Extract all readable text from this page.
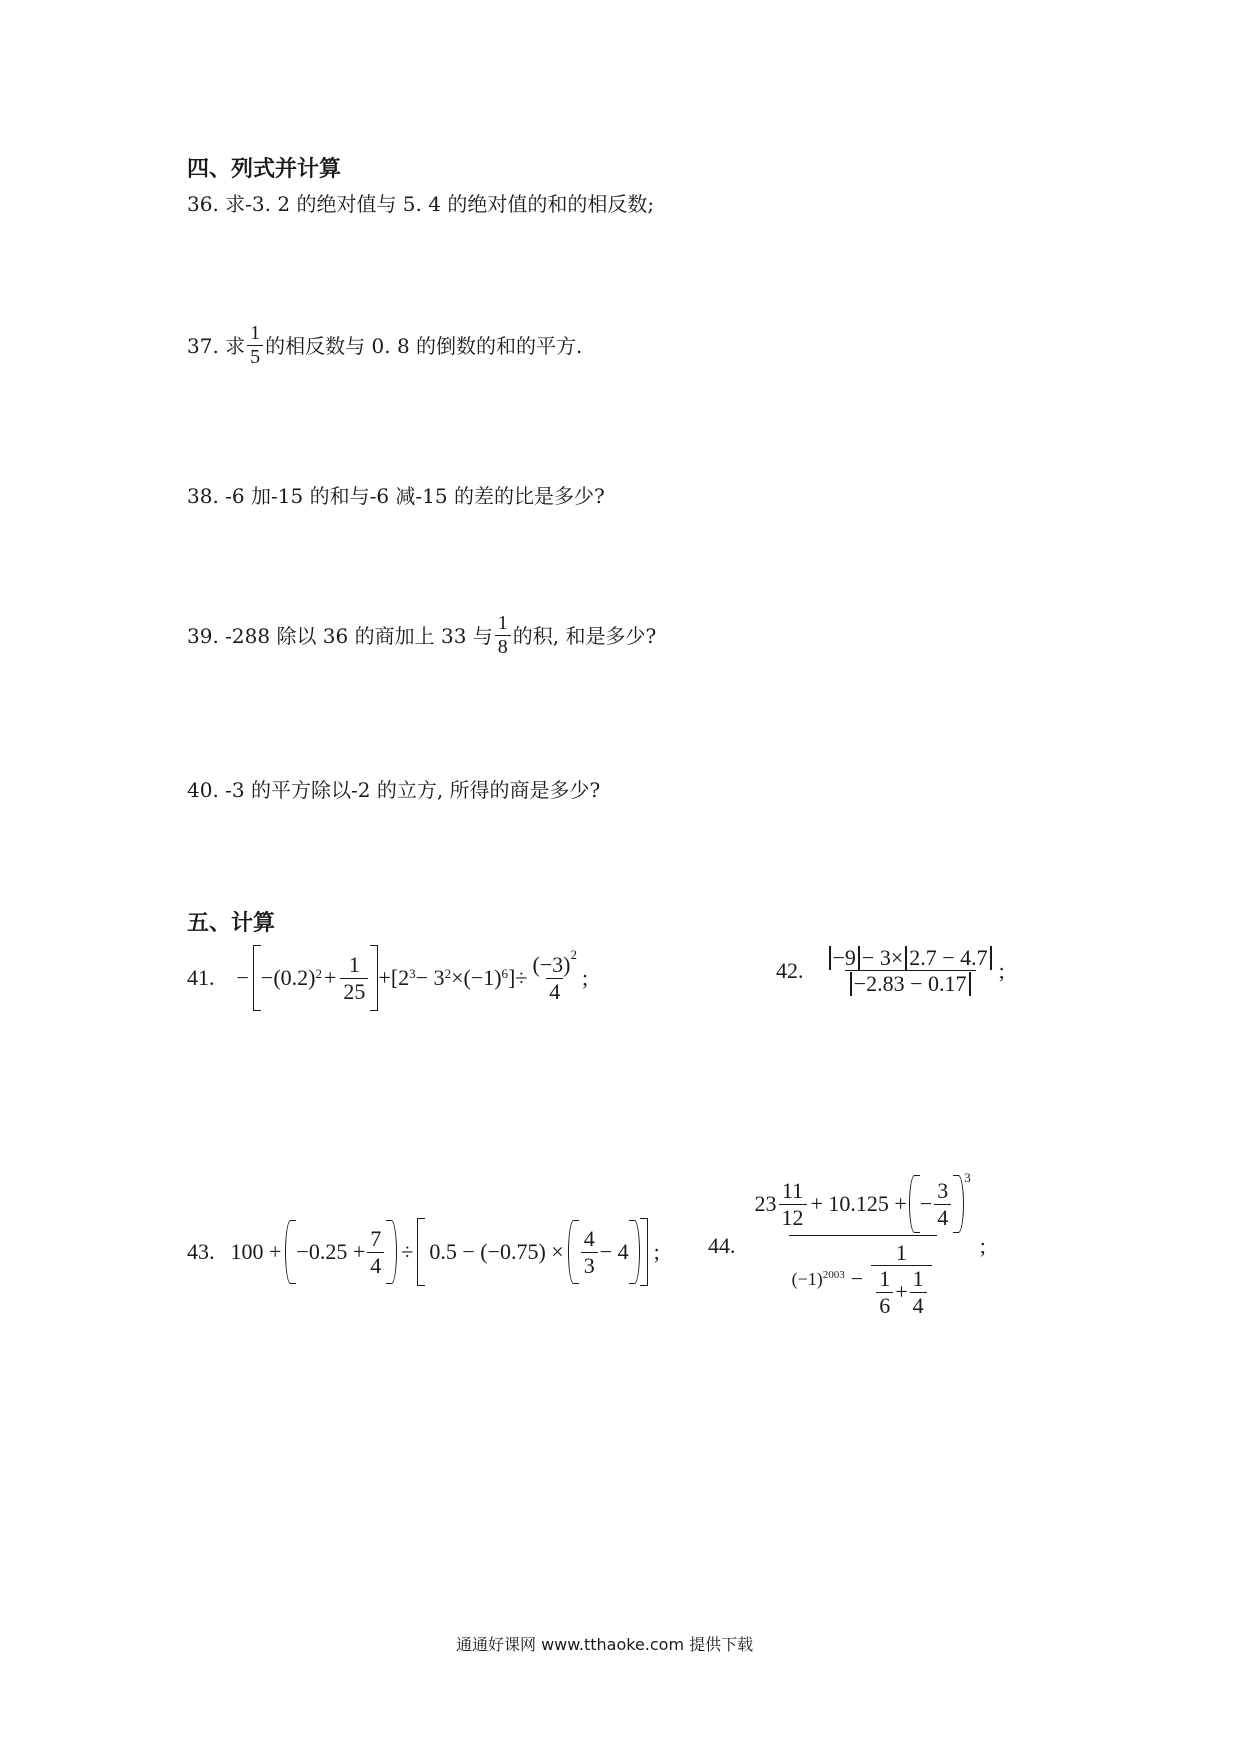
四、列式并计算
36. 求-3. 2 的绝对值与 5. 4 的绝对值的和的相反数;
37. 求 $\frac{1}{5}$ 的相反数与 0. 8 的倒数的和的平方.
38. -6 加-15 的和与-6 减-15 的差的比是多少?
39. -288 除以 36 的商加上 33 与 $\frac{1}{8}$ 的积, 和是多少?
40. -3 的平方除以-2 的立方, 所得的商是多少?
五、计算
41. − −(0.2) $2 + \frac{1}{25} +[2$ 3 − 3 2 ×(−1) 6 ]÷ $\frac{(-3)^2}{4}$ ;	42. $\frac{-9 - 3\times 2.7 - 4.7}{-2.83 - 0.17}$ ;
43. $100 + -0.25 + \frac{7}{4} \div 0.5 - (-0.75) \times \frac{4}{3} - 4$ ; 44.
$23 \frac{11}{12} + 10.125$ + − $\frac{3}{4}$
3
(−1) $2003 - \frac{1}{\frac{1}{6} + \frac{1}{4}}$ ;
通通好课网 www.tthaoke.com 提供下载
